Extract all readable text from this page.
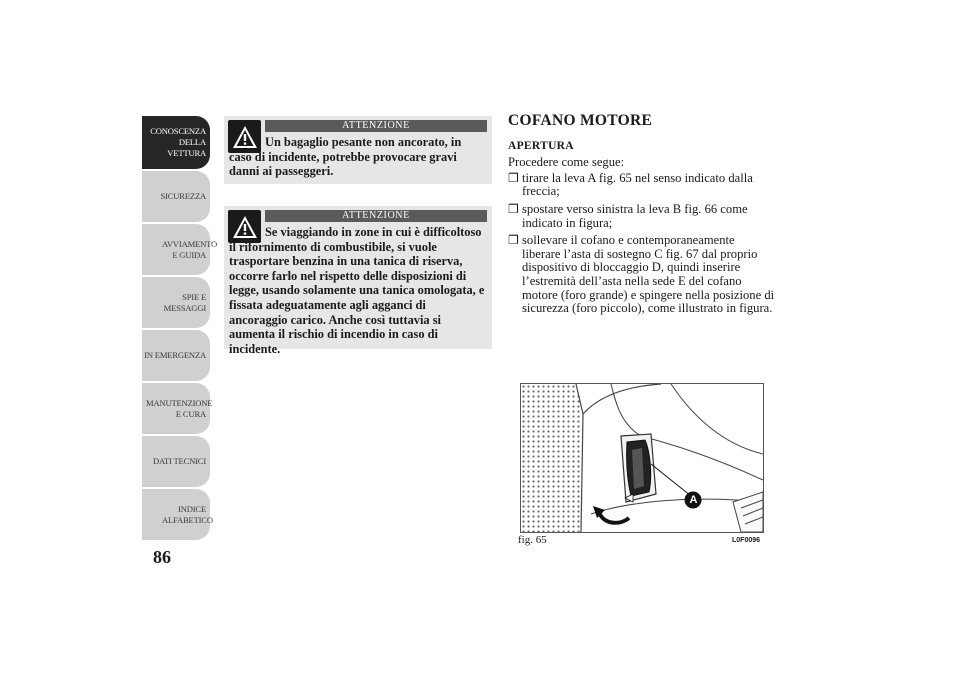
CONOSCENZA DELLA VETTURA
SICUREZZA
AVVIAMENTO E GUIDA
SPIE E MESSAGGI
IN EMERGENZA
MANUTENZIONE E CURA
DATI TECNICI
INDICE ALFABETICO
86
ATTENZIONE
Un bagaglio pesante non ancorato, in caso di incidente, potrebbe provocare gravi danni ai passeggeri.
ATTENZIONE
Se viaggiando in zone in cui è difficoltoso il rifornimento di combustibile, si vuole trasportare benzina in una tanica di riserva, occorre farlo nel rispetto delle disposizioni di legge, usando solamente una tanica omologata, e fissata adeguatamente agli agganci di ancoraggio carico. Anche così tuttavia si aumenta il rischio di incendio in caso di incidente.
COFANO MOTORE
APERTURA
Procedere come segue:
❒ tirare la leva A fig. 65 nel senso indicato dalla freccia;
❒ spostare verso sinistra la leva B fig. 66 come indicato in figura;
❒ sollevare il cofano e contemporaneamente liberare l’asta di sostegno C fig. 67 dal proprio dispositivo di bloccaggio D, quindi inserire l’estremità dell’asta nella sede E del cofano motore (foro grande) e spingere nella posizione di sicurezza (foro piccolo), come illustrato in figura.
A
fig. 65	L0F0096
